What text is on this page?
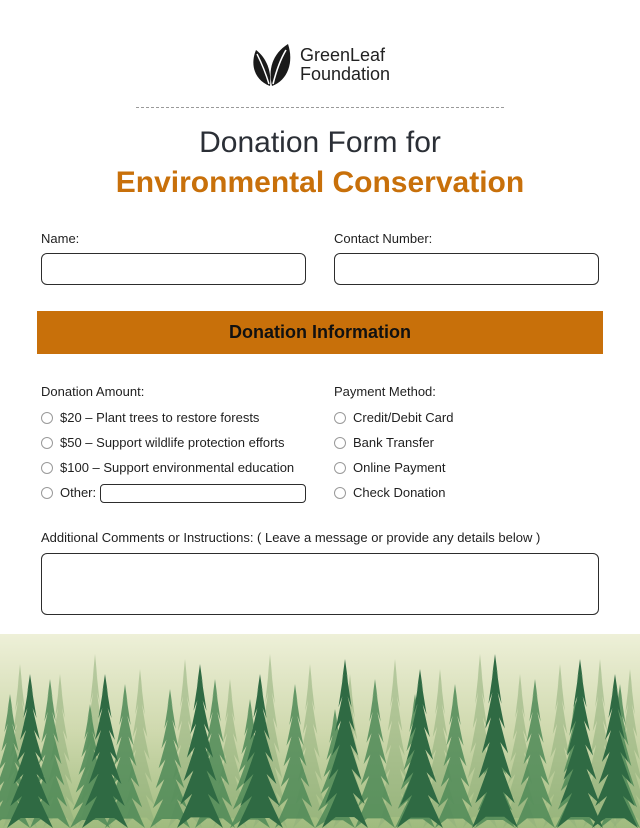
GreenLeaf
Foundation
Donation Form for
Environmental Conservation
Name:	Contact Number:
Donation Information
Donation Amount:
$20 – Plant trees to restore forests
$50 – Support wildlife protection efforts
$100 – Support environmental education
Other:
Payment Method:
Credit/Debit Card
Bank Transfer
Online Payment
Check Donation
Additional Comments or Instructions: ( Leave a message or provide any details below )
